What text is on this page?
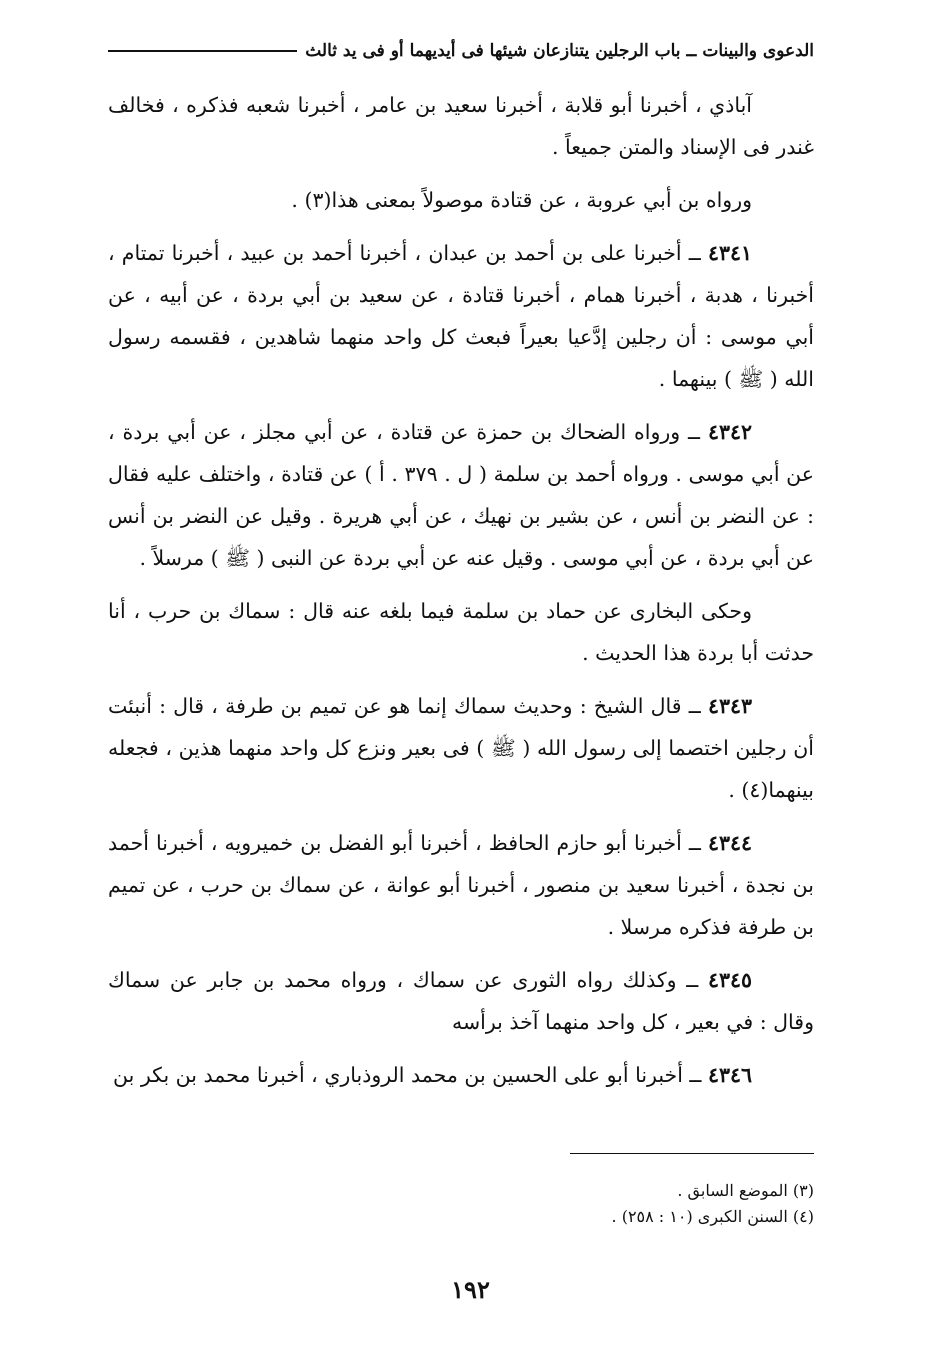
الدعوى والبينات ــ باب الرجلين يتنازعان شيئها فى أيديهما أو فى يد ثالث

آباذي ، أخبرنا أبو قلابة ، أخبرنا سعيد بن عامر ، أخبرنا شعبه فذكره ، فخالف غندر فى الإسناد والمتن جميعاً .

ورواه بن أبي عروبة ، عن قتادة موصولاً بمعنى هذا(٣) .

٤٣٤١ ــ أخبرنا على بن أحمد بن عبدان ، أخبرنا أحمد بن عبيد ، أخبرنا تمتام ، أخبرنا ، هدبة ، أخبرنا همام ، أخبرنا قتادة ، عن سعيد بن أبي بردة ، عن أبيه ، عن أبي موسى : أن رجلين إدَّعيا بعيراً فبعث كل واحد منهما شاهدين ، فقسمه رسول الله ( ﷺ ) بينهما .

٤٣٤٢ ــ ورواه الضحاك بن حمزة عن قتادة ، عن أبي مجلز ، عن أبي بردة ، عن أبي موسى . ورواه أحمد بن سلمة ( ل . ٣٧٩ . أ ) عن قتادة ، واختلف عليه فقال : عن النضر بن أنس ، عن بشير بن نهيك ، عن أبي هريرة . وقيل عن النضر بن أنس عن أبي بردة ، عن أبي موسى . وقيل عنه عن أبي بردة عن النبى ( ﷺ ) مرسلاً .

وحكى البخارى عن حماد بن سلمة فيما بلغه عنه قال : سماك بن حرب ، أنا حدثت أبا بردة هذا الحديث .

٤٣٤٣ ــ قال الشيخ : وحديث سماك إنما هو عن تميم بن طرفة ، قال : أنبئت أن رجلين اختصما إلى رسول الله ( ﷺ ) فى بعير ونزع كل واحد منهما هذين ، فجعله بينهما(٤) .

٤٣٤٤ ــ أخبرنا أبو حازم الحافظ ، أخبرنا أبو الفضل بن خميرويه ، أخبرنا أحمد بن نجدة ، أخبرنا سعيد بن منصور ، أخبرنا أبو عوانة ، عن سماك بن حرب ، عن تميم بن طرفة فذكره مرسلا .

٤٣٤٥ ــ وكذلك رواه الثورى عن سماك ، ورواه محمد بن جابر عن سماك وقال : في بعير ، كل واحد منهما آخذ برأسه

٤٣٤٦ ــ أخبرنا أبو على الحسين بن محمد الروذباري ، أخبرنا محمد بن بكر بن

(٣) الموضع السابق .

(٤) السنن الكبرى (١٠ : ٢٥٨) .

١٩٢
